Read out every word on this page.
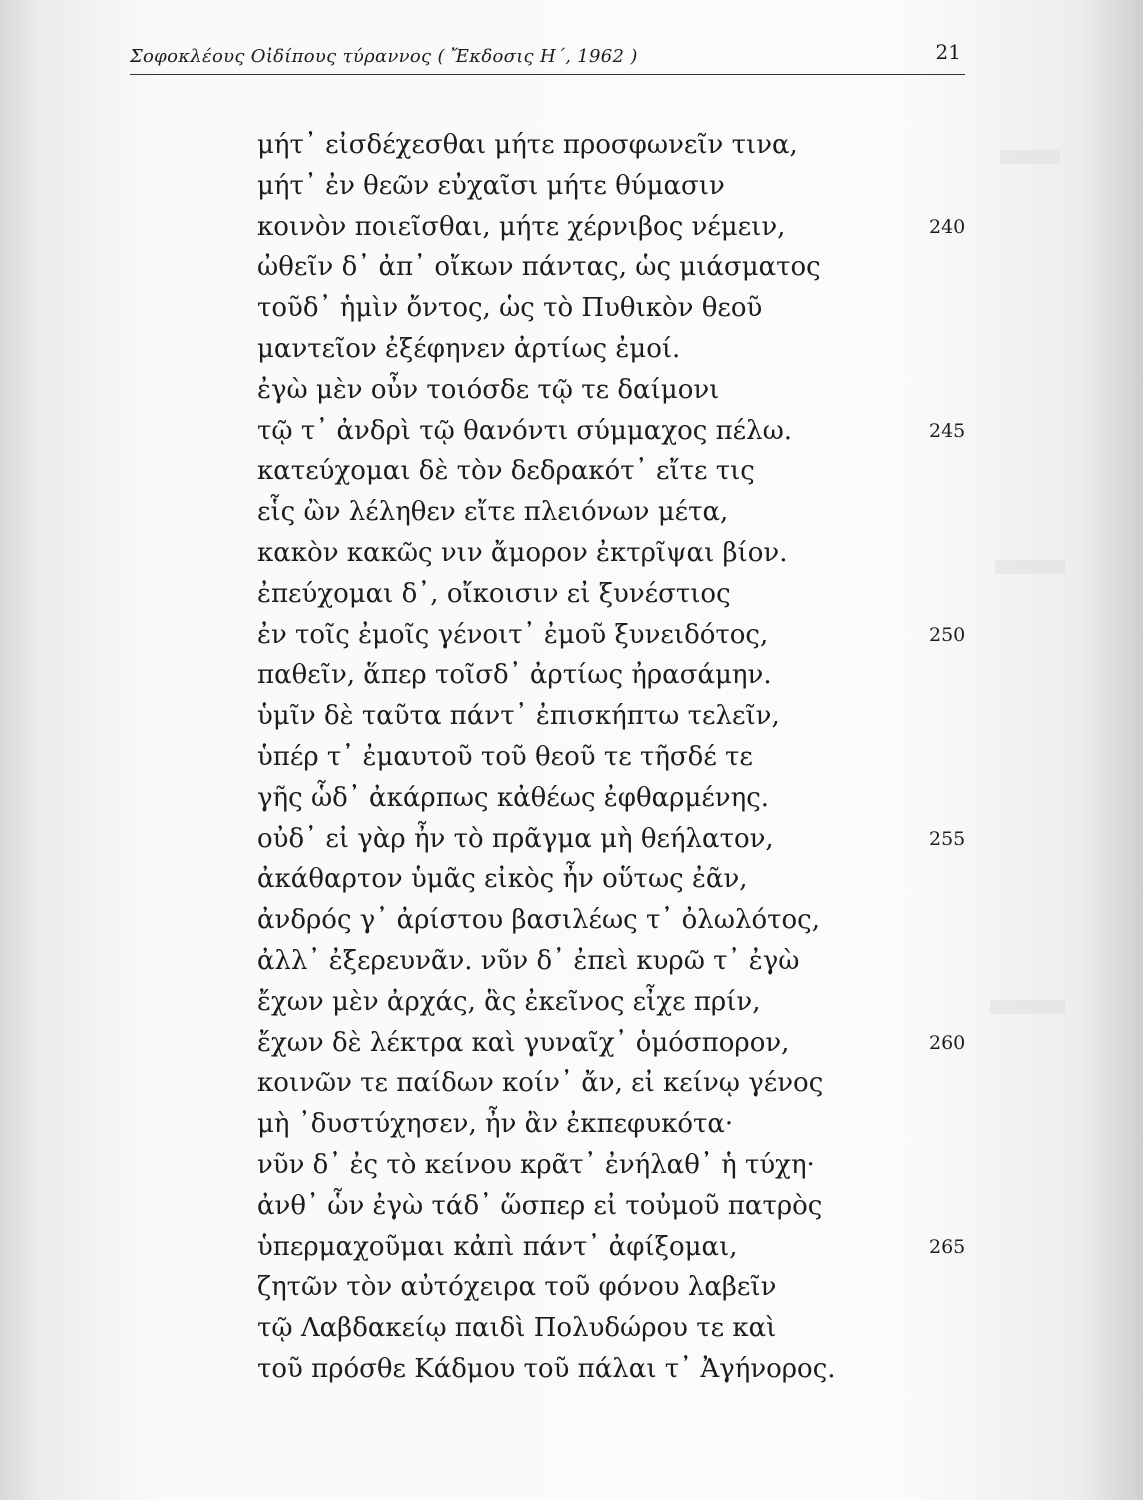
Σοφοκλέους Οἰδίπους τύραννος ( Ἔκδοσις Η΄, 1962 )	21
μήτ᾽ εἰσδέχεσθαι μήτε προσφωνεῖν τινα,
μήτ᾽ ἐν θεῶν εὐχαῖσι μήτε θύμασιν
κοινὸν ποιεῖσθαι, μήτε χέρνιβος νέμειν,	240
ὠθεῖν δ᾽ ἀπ᾽ οἴκων πάντας, ὡς μιάσματος
τοῦδ᾽ ἡμὶν ὄντος, ὡς τὸ Πυθικὸν θεοῦ
μαντεῖον ἐξέφηνεν ἀρτίως ἐμοί.
ἐγὼ μὲν οὖν τοιόσδε τῷ τε δαίμονι
τῷ τ᾽ ἀνδρὶ τῷ θανόντι σύμμαχος πέλω.	245
κατεύχομαι δὲ τὸν δεδρακότ᾽ εἴτε τις
εἷς ὢν λέληθεν εἴτε πλειόνων μέτα,
κακὸν κακῶς νιν ἄμορον ἐκτρῖψαι βίον.
ἐπεύχομαι δ᾽, οἴκοισιν εἰ ξυνέστιος
ἐν τοῖς ἐμοῖς γένοιτ᾽ ἐμοῦ ξυνειδότος,	250
παθεῖν, ἅπερ τοῖσδ᾽ ἀρτίως ἠρασάμην.
ὑμῖν δὲ ταῦτα πάντ᾽ ἐπισκήπτω τελεῖν,
ὑπέρ τ᾽ ἐμαυτοῦ τοῦ θεοῦ τε τῆσδέ τε
γῆς ὧδ᾽ ἀκάρπως κἀθέως ἐφθαρμένης.
οὐδ᾽ εἰ γὰρ ἦν τὸ πρᾶγμα μὴ θεήλατον,	255
ἀκάθαρτον ὑμᾶς εἰκὸς ἦν οὕτως ἐᾶν,
ἀνδρός γ᾽ ἀρίστου βασιλέως τ᾽ ὀλωλότος,
ἀλλ᾽ ἐξερευνᾶν. νῦν δ᾽ ἐπεὶ κυρῶ τ᾽ ἐγὼ
ἔχων μὲν ἀρχάς, ἃς ἐκεῖνος εἶχε πρίν,
ἔχων δὲ λέκτρα καὶ γυναῖχ᾽ ὁμόσπορον,	260
κοινῶν τε παίδων κοίν᾽ ἄν, εἰ κείνῳ γένος
μὴ ᾽δυστύχησεν, ἦν ἂν ἐκπεφυκότα·
νῦν δ᾽ ἐς τὸ κείνου κρᾶτ᾽ ἐνήλαθ᾽ ἡ τύχη·
ἀνθ᾽ ὧν ἐγὼ τάδ᾽ ὥσπερ εἰ τοὐμοῦ πατρὸς
ὑπερμαχοῦμαι κἀπὶ πάντ᾽ ἀφίξομαι,	265
ζητῶν τὸν αὐτόχειρα τοῦ φόνου λαβεῖν
τῷ Λαβδακείῳ παιδὶ Πολυδώρου τε καὶ
τοῦ πρόσθε Κάδμου τοῦ πάλαι τ᾽ Ἀγήνορος.
